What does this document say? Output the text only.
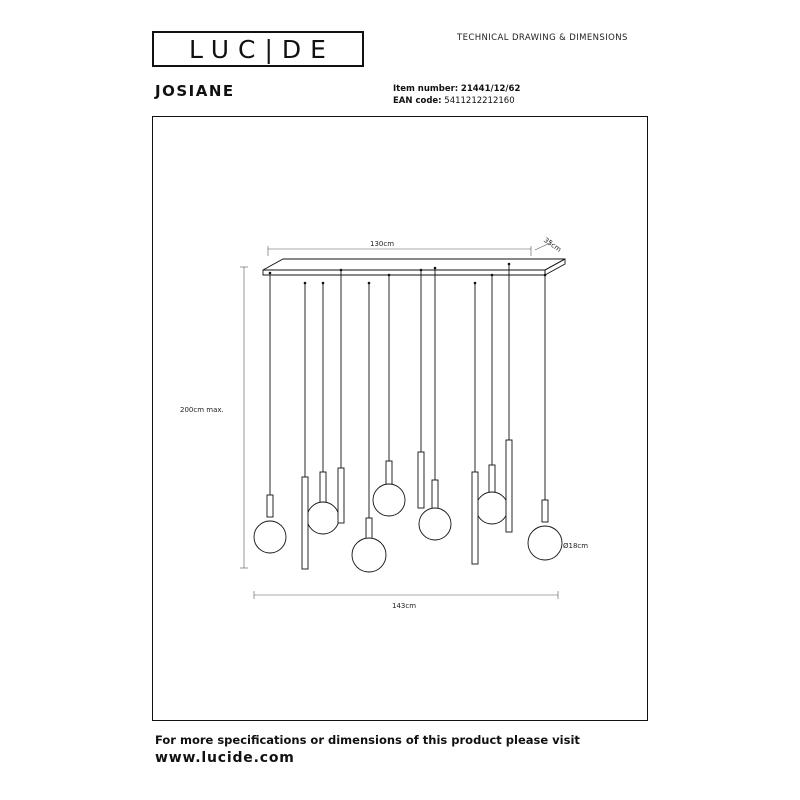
LUC|DE	TECHNICAL DRAWING & DIMENSIONS
JOSIANE	Item number: 21441/12/62
EAN code: 5411212212160
130cm	35cm
200cm max.
143cm
Ø18cm
For more specifications or dimensions of this product please visit
www.lucide.com
